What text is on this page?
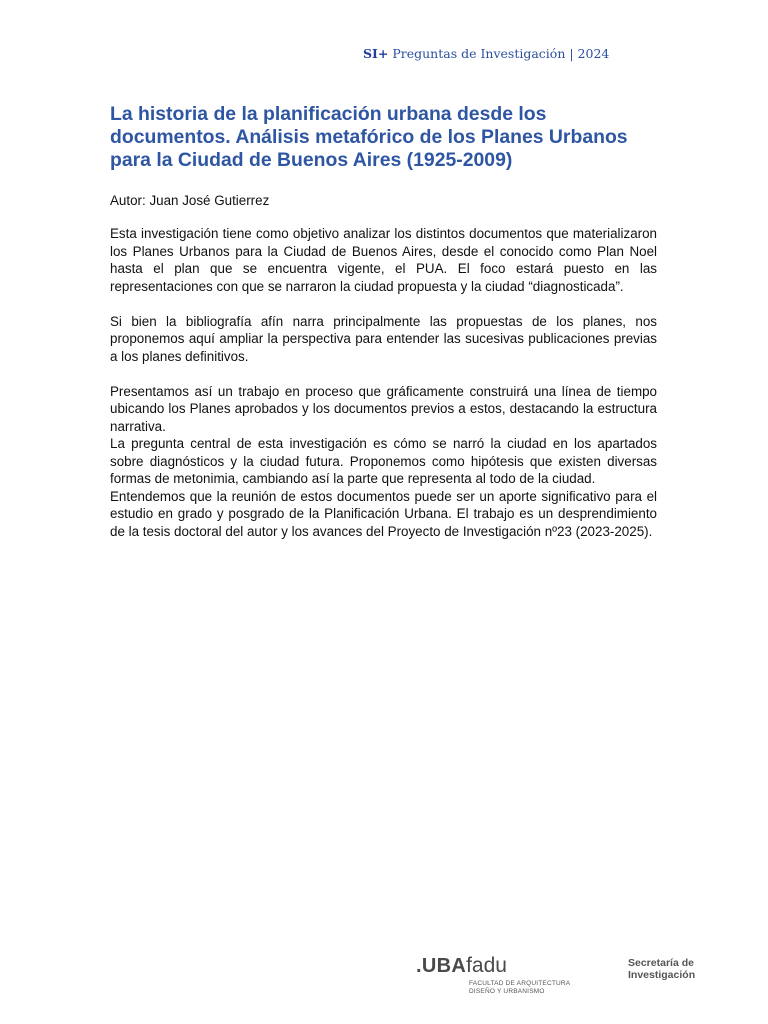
SI+ Preguntas de Investigación | 2024
La historia de la planificación urbana desde los documentos. Análisis metafórico de los Planes Urbanos para la Ciudad de Buenos Aires (1925-2009)
Autor: Juan José Gutierrez

Esta investigación tiene como objetivo analizar los distintos documentos que materializaron los Planes Urbanos para la Ciudad de Buenos Aires, desde el conocido como Plan Noel hasta el plan que se encuentra vigente, el PUA. El foco estará puesto en las representaciones con que se narraron la ciudad propuesta y la ciudad “diagnosticada”.

Si bien la bibliografía afín narra principalmente las propuestas de los planes, nos proponemos aquí ampliar la perspectiva para entender las sucesivas publicaciones previas a los planes definitivos.

Presentamos así un trabajo en proceso que gráficamente construirá una línea de tiempo ubicando los Planes aprobados y los documentos previos a estos, destacando la estructura narrativa.

La pregunta central de esta investigación es cómo se narró la ciudad en los apartados sobre diagnósticos y la ciudad futura. Proponemos como hipótesis que existen diversas formas de metonimia, cambiando así la parte que representa al todo de la ciudad.

Entendemos que la reunión de estos documentos puede ser un aporte significativo para el estudio en grado y posgrado de la Planificación Urbana. El trabajo es un desprendimiento de la tesis doctoral del autor y los avances del Proyecto de Investigación nº23 (2023-2025).

.UBAfadu
FACULTAD DE ARQUITECTURA
DISEÑO Y URBANISMO
Secretaría de
Investigación
